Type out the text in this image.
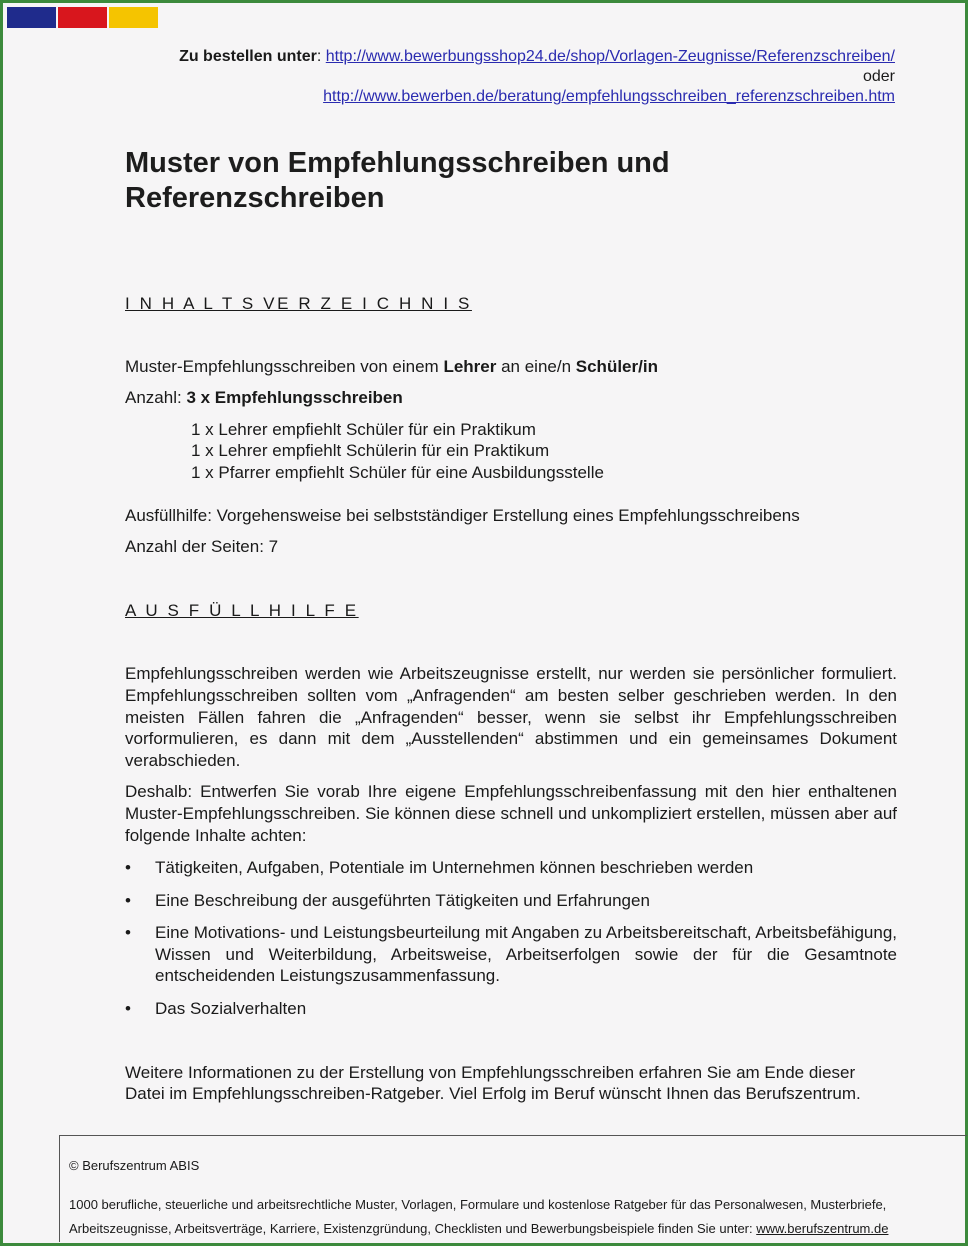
Zu bestellen unter: http://www.bewerbungsshop24.de/shop/Vorlagen-Zeugnisse/Referenzschreiben/
oder
http://www.bewerben.de/beratung/empfehlungsschreiben_referenzschreiben.htm
Muster von Empfehlungsschreiben und
Referenzschreiben

I N H A L T S VE R Z E I C H N I S

Muster-Empfehlungsschreiben von einem Lehrer an eine/n Schüler/in

Anzahl: 3 x Empfehlungsschreiben

1 x Lehrer empfiehlt Schüler für ein Praktikum

1 x Lehrer empfiehlt Schülerin für ein Praktikum

1 x Pfarrer empfiehlt Schüler für eine Ausbildungsstelle

Ausfüllhilfe: Vorgehensweise bei selbstständiger Erstellung eines Empfehlungsschreibens

Anzahl der Seiten: 7

A U S F Ü L L H I L F E

Empfehlungsschreiben werden wie Arbeitszeugnisse erstellt, nur werden sie persönlicher formuliert. Empfehlungsschreiben sollten vom „Anfragenden“ am besten selber geschrieben werden. In den meisten Fällen fahren die „Anfragenden“ besser, wenn sie selbst ihr Empfehlungsschreiben vorformulieren, es dann mit dem „Ausstellenden“ abstimmen und ein gemeinsames Dokument verabschieden.

Deshalb: Entwerfen Sie vorab Ihre eigene Empfehlungsschreibenfassung mit den hier enthaltenen Muster-Empfehlungsschreiben. Sie können diese schnell und unkompliziert erstellen, müssen aber auf folgende Inhalte achten:

• Tätigkeiten, Aufgaben, Potentiale im Unternehmen können beschrieben werden
• Eine Beschreibung der ausgeführten Tätigkeiten und Erfahrungen
• Eine Motivations- und Leistungsbeurteilung mit Angaben zu Arbeitsbereitschaft, Arbeitsbefähigung, Wissen und Weiterbildung, Arbeitsweise, Arbeitserfolgen sowie der für die Gesamtnote entscheidenden Leistungszusammenfassung.
• Das Sozialverhalten

Weitere Informationen zu der Erstellung von Empfehlungsschreiben erfahren Sie am Ende dieser Datei im Empfehlungsschreiben-Ratgeber. Viel Erfolg im Beruf wünscht Ihnen das Berufszentrum.

© Berufszentrum ABIS
1000 berufliche, steuerliche und arbeitsrechtliche Muster, Vorlagen, Formulare und kostenlose Ratgeber für das Personalwesen, Musterbriefe,
Arbeitszeugnisse, Arbeitsverträge, Karriere, Existenzgründung, Checklisten und Bewerbungsbeispiele finden Sie unter: www.berufszentrum.de
